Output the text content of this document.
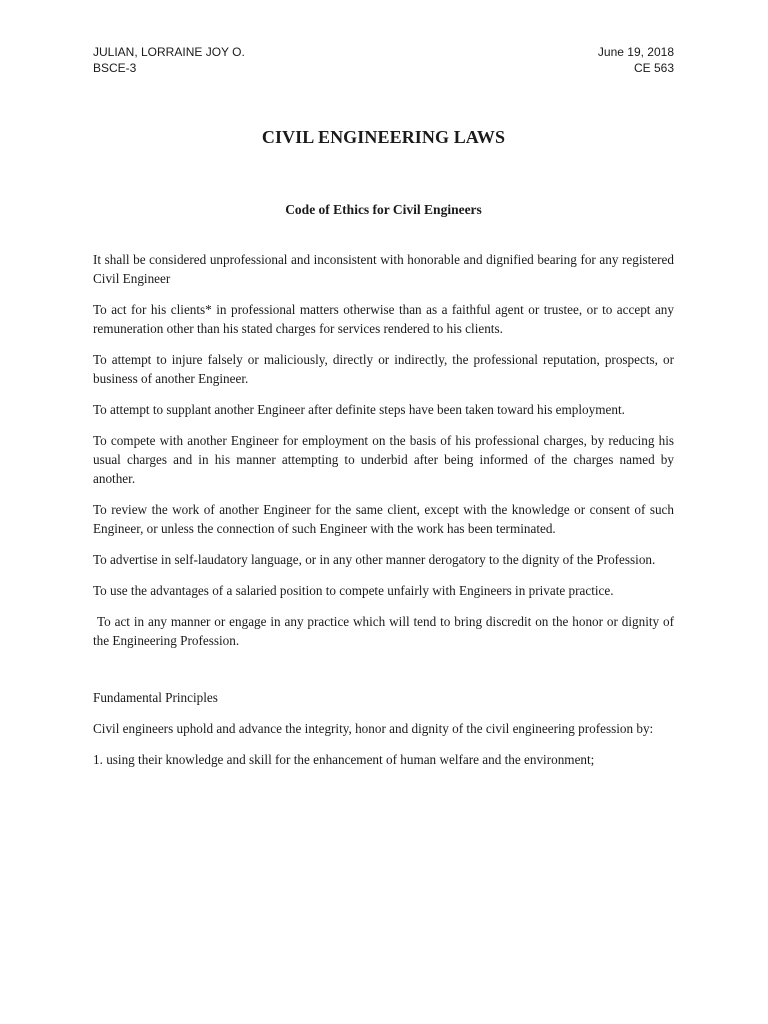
JULIAN, LORRAINE JOY O.	June 19, 2018
BSCE-3	CE 563
CIVIL ENGINEERING LAWS
Code of Ethics for Civil Engineers

It shall be considered unprofessional and inconsistent with honorable and dignified bearing for any registered Civil Engineer

To act for his clients* in professional matters otherwise than as a faithful agent or trustee, or to accept any remuneration other than his stated charges for services rendered to his clients.

To attempt to injure falsely or maliciously, directly or indirectly, the professional reputation, prospects, or business of another Engineer.

To attempt to supplant another Engineer after definite steps have been taken toward his employment.

To compete with another Engineer for employment on the basis of his professional charges, by reducing his usual charges and in his manner attempting to underbid after being informed of the charges named by another.

To review the work of another Engineer for the same client, except with the knowledge or consent of such Engineer, or unless the connection of such Engineer with the work has been terminated.

To advertise in self-laudatory language, or in any other manner derogatory to the dignity of the Profession.

To use the advantages of a salaried position to compete unfairly with Engineers in private practice.

To act in any manner or engage in any practice which will tend to bring discredit on the honor or dignity of the Engineering Profession.

Fundamental Principles

Civil engineers uphold and advance the integrity, honor and dignity of the civil engineering profession by:

1. using their knowledge and skill for the enhancement of human welfare and the environment;
